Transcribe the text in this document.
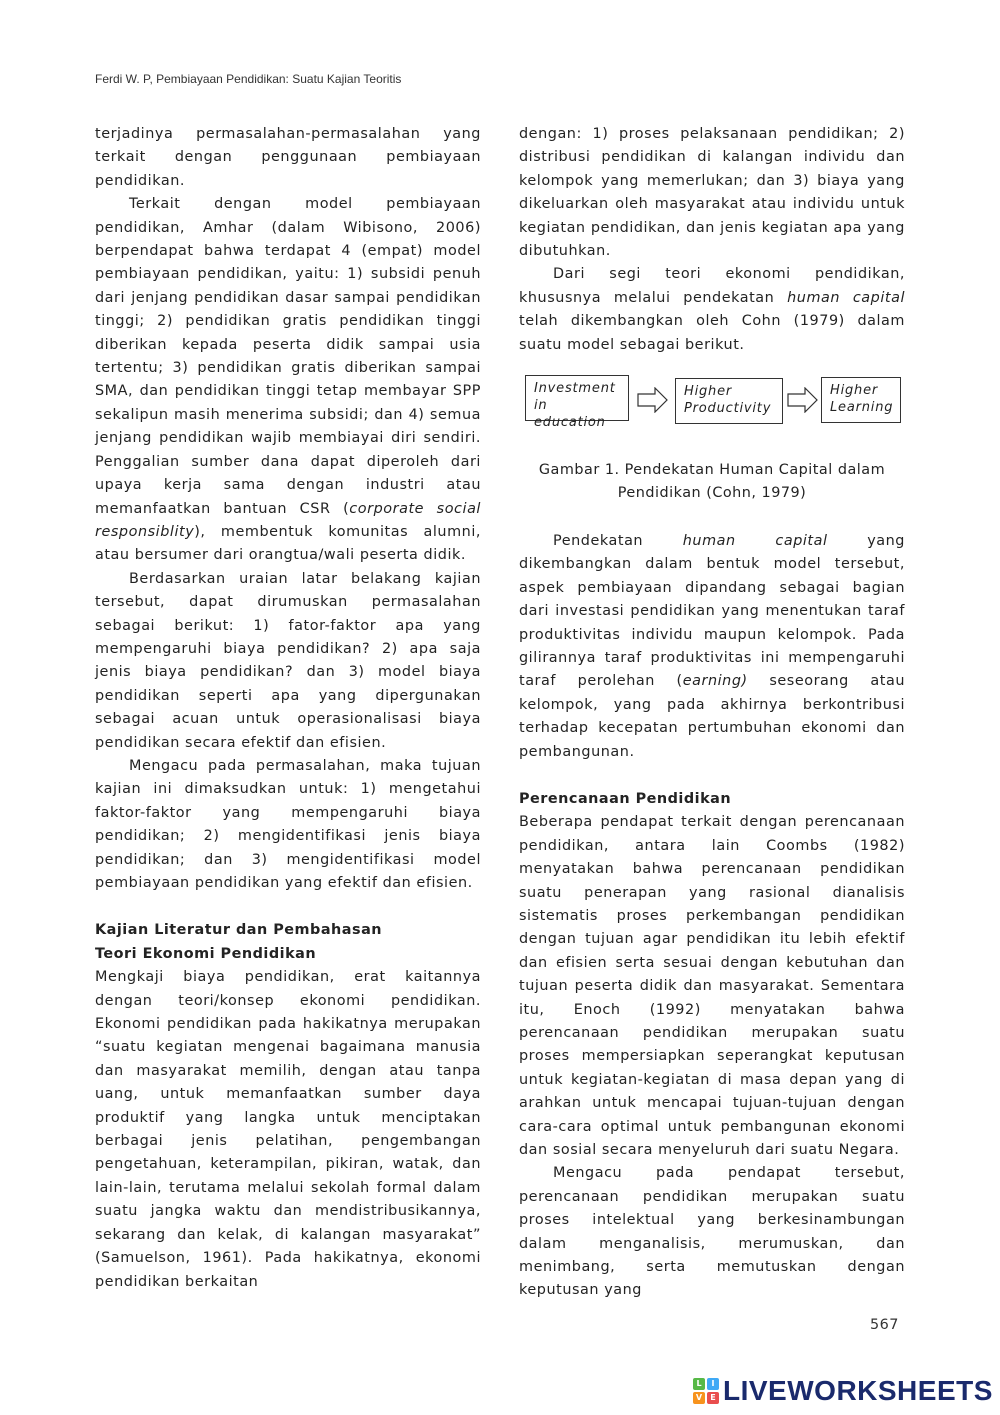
Ferdi W. P, Pembiayaan Pendidikan: Suatu Kajian Teoritis

terjadinya permasalahan-permasalahan yang terkait dengan penggunaan pembiayaan pendidikan.

Terkait dengan model pembiayaan pendidikan, Amhar (dalam Wibisono, 2006) berpendapat bahwa terdapat 4 (empat) model pembiayaan pendidikan, yaitu: 1) subsidi penuh dari jenjang pendidikan dasar sampai pendidikan tinggi; 2) pendidikan gratis pendidikan tinggi diberikan kepada peserta didik sampai usia tertentu; 3) pendidikan gratis diberikan sampai SMA, dan pendidikan tinggi tetap membayar SPP sekalipun masih menerima subsidi; dan 4) semua jenjang pendidikan wajib membiayai diri sendiri. Penggalian sumber dana dapat diperoleh dari upaya kerja sama dengan industri atau memanfaatkan bantuan CSR (corporate social responsiblity), membentuk komunitas alumni, atau bersumer dari orangtua/wali peserta didik.

Berdasarkan uraian latar belakang kajian tersebut, dapat dirumuskan permasalahan sebagai berikut: 1) fator-faktor apa yang mempengaruhi biaya pendidikan? 2) apa saja jenis biaya pendidikan? dan 3) model biaya pendidikan seperti apa yang dipergunakan sebagai acuan untuk operasionalisasi biaya pendidikan secara efektif dan efisien.

Mengacu pada permasalahan, maka tujuan kajian ini dimaksudkan untuk: 1) mengetahui faktor-faktor yang mempengaruhi biaya pendidikan; 2) mengidentifikasi jenis biaya pendidikan; dan 3) mengidentifikasi model pembiayaan pendidikan yang efektif dan efisien.

Kajian Literatur dan Pembahasan
Teori Ekonomi Pendidikan

Mengkaji biaya pendidikan, erat kaitannya dengan teori/konsep ekonomi pendidikan. Ekonomi pendidikan pada hakikatnya merupakan “suatu kegiatan mengenai bagaimana manusia dan masyarakat memilih, dengan atau tanpa uang, untuk memanfaatkan sumber daya produktif yang langka untuk menciptakan berbagai jenis pelatihan, pengembangan pengetahuan, keterampilan, pikiran, watak, dan lain-lain, terutama melalui sekolah formal dalam suatu jangka waktu dan mendistribusikannya, sekarang dan kelak, di kalangan masyarakat” (Samuelson, 1961). Pada hakikatnya, ekonomi pendidikan berkaitan

dengan: 1) proses pelaksanaan pendidikan; 2) distribusi pendidikan di kalangan individu dan kelompok yang memerlukan; dan 3) biaya yang dikeluarkan oleh masyarakat atau individu untuk kegiatan pendidikan, dan jenis kegiatan apa yang dibutuhkan.

Dari segi teori ekonomi pendidikan, khususnya melalui pendekatan human capital telah dikembangkan oleh Cohn (1979) dalam suatu model sebagai berikut.

Investment
in education
Higher
Productivity
Higher
Learning
Gambar 1. Pendekatan Human Capital dalam
Pendidikan (Cohn, 1979)

Pendekatan human capital yang dikembangkan dalam bentuk model tersebut, aspek pembiayaan dipandang sebagai bagian dari investasi pendidikan yang menentukan taraf produktivitas individu maupun kelompok. Pada gilirannya taraf produktivitas ini mempengaruhi taraf perolehan (earning) seseorang atau kelompok, yang pada akhirnya berkontribusi terhadap kecepatan pertumbuhan ekonomi dan pembangunan.

Perencanaan Pendidikan

Beberapa pendapat terkait dengan perencanaan pendidikan, antara lain Coombs (1982) menyatakan bahwa perencanaan pendidikan suatu penerapan yang rasional dianalisis sistematis proses perkembangan pendidikan dengan tujuan agar pendidikan itu lebih efektif dan efisien serta sesuai dengan kebutuhan dan tujuan peserta didik dan masyarakat. Sementara itu, Enoch (1992) menyatakan bahwa perencanaan pendidikan merupakan suatu proses mempersiapkan seperangkat keputusan untuk kegiatan-kegiatan di masa depan yang di arahkan untuk mencapai tujuan-tujuan dengan cara-cara optimal untuk pembangunan ekonomi dan sosial secara menyeluruh dari suatu Negara.

Mengacu pada pendapat tersebut, perencanaan pendidikan merupakan suatu proses intelektual yang berkesinambungan dalam menganalisis, merumuskan, dan menimbang, serta memutuskan dengan keputusan yang

567
L	I
V	E LIVEWORKSHEETS
